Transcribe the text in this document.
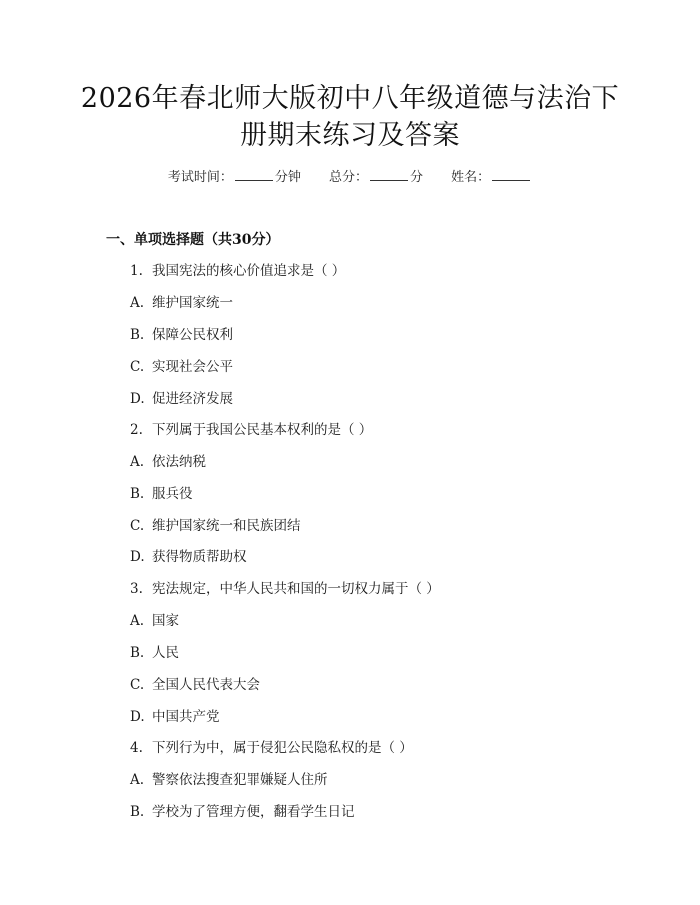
2026年春北师大版初中八年级道德与法治下
册期末练习及答案
考试时间：	分钟 总分：	分 姓名：
一、单项选择题（共30分）
1. 我国宪法的核心价值追求是（ ）
A. 维护国家统一
B. 保障公民权利
C. 实现社会公平
D. 促进经济发展
2. 下列属于我国公民基本权利的是（ ）
A. 依法纳税
B. 服兵役
C. 维护国家统一和民族团结
D. 获得物质帮助权
3. 宪法规定，中华人民共和国的一切权力属于（ ）
A. 国家
B. 人民
C. 全国人民代表大会
D. 中国共产党
4. 下列行为中，属于侵犯公民隐私权的是（ ）
A. 警察依法搜查犯罪嫌疑人住所
B. 学校为了管理方便，翻看学生日记
